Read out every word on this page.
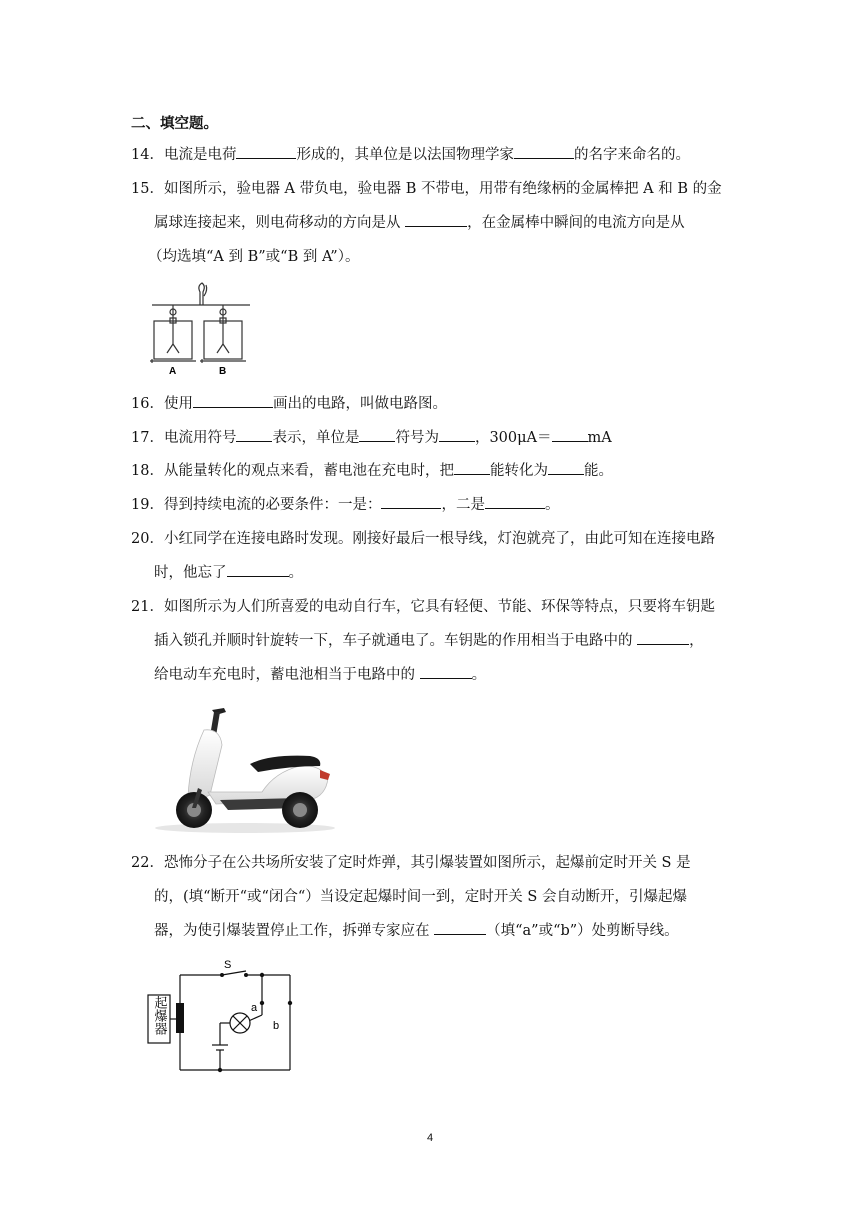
二、填空题。
14．电流是电荷	形成的，其单位是以法国物理学家	的名字来命名的。
15．如图所示，验电器 A 带负电，验电器 B 不带电，用带有绝缘柄的金属棒把 A 和 B 的金
属球连接起来，则电荷移动的方向是从	，在金属棒中瞬间的电流方向是从
（均选填“A 到 B”或“B 到 A”）。
A	B
16．使用	画出的电路，叫做电路图。
17．电流用符号 表示，单位是 符号为 ，300μA＝ mA
18．从能量转化的观点来看，蓄电池在充电时，把 能转化为 能。
19．得到持续电流的必要条件：一是：	，二是	。
20．小红同学在连接电路时发现。刚接好最后一根导线，灯泡就亮了，由此可知在连接电路
时，他忘了	。
21．如图所示为人们所喜爱的电动自行车，它具有轻便、节能、环保等特点，只要将车钥匙
插入锁孔并顺时针旋转一下，车子就通电了。车钥匙的作用相当于电路中的	，
给电动车充电时，蓄电池相当于电路中的	。
22．恐怖分子在公共场所安装了定时炸弹，其引爆装置如图所示，起爆前定时开关 S 是
的，(填“断开“或“闭合“）当设定起爆时间一到，定时开关 S 会自动断开，引爆起爆
器，为使引爆装置停止工作，拆弹专家应在	（填“a”或“b”）处剪断导线。
S
a
b
起爆器
4
